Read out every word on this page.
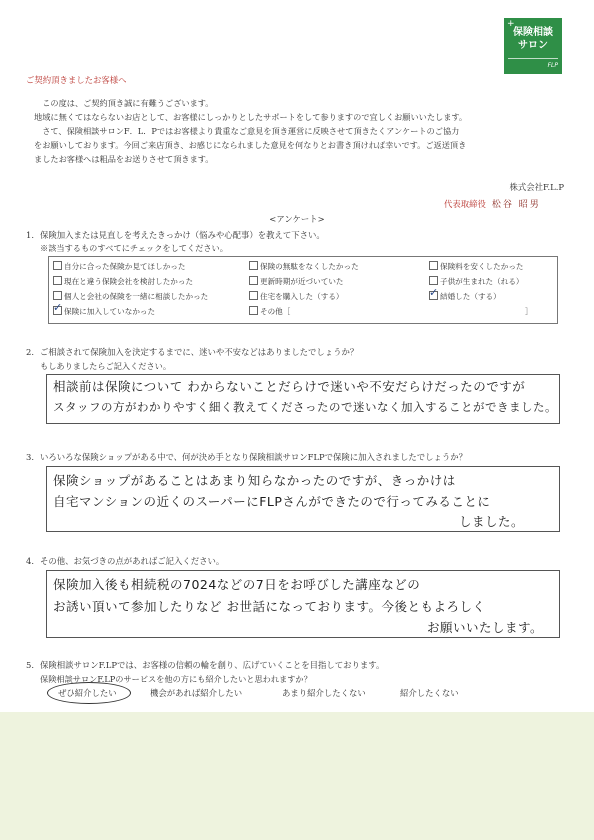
+
保険相談
サロン
FLP
ご契約頂きましたお客様へ

　この度は、ご契約頂き誠に有難うございます。

地域に無くてはならないお店として、お客様にしっかりとしたサポートをして参りますので宜しくお願いいたします。

　さて、保険相談サロンF．L．Pではお客様より貴重なご意見を頂き運営に反映させて頂きたくアンケートのご協力

をお願いしております。今回ご来店頂き、お感じになられました意見を何なりとお書き頂ければ幸いです。ご返送頂き

ましたお客様へは粗品をお送りさせて頂きます。

株式会社F.L.P
代表取締役 松谷 昭男
<アンケート>
1. 保険加入または見直しを考えたきっかけ（悩みや心配事）を教えて下さい。
※該当するものすべてにチェックをしてください。
自分に合った保険か見てほしかった	保険の無駄をなくしたかった	保険料を安くしたかった
現在と違う保険会社を検討したかった	更新時期が近づいていた	子供が生まれた（れる）
個人と会社の保険を一緒に相談したかった	住宅を購入した（する）
✓	結婚した（する）
✓保険に加入していなかった	その他［	］
2. ご相談されて保険加入を決定するまでに、迷いや不安などはありましたでしょうか？
もしありましたらご記入ください。
相談前は保険について わからないことだらけで迷いや不安だらけだったのですが
スタッフの方がわかりやすく細く教えてくださったので迷いなく加入することができました。
3. いろいろな保険ショップがある中で、何が決め手となり保険相談サロンFLPで保険に加入されましたでしょうか？
保険ショップがあることはあまり知らなかったのですが、きっかけは
自宅マンションの近くのスーパーにFLPさんができたので行ってみることに
しました。
4. その他、お気づきの点があればご記入ください。
保険加入後も相続税の7024などの7日をお呼びした講座などの
お誘い頂いて参加したりなど お世話になっております。今後ともよろしく
お願いいたします。
5. 保険相談サロンF.LPでは、お客様の信頼の輪を創り、広げていくことを目指しております。
保険相談サロンF.LPのサービスを他の方にも紹介したいと思われますか？
ぜひ紹介したい	機会があれば紹介したい	あまり紹介したくない	紹介したくない
